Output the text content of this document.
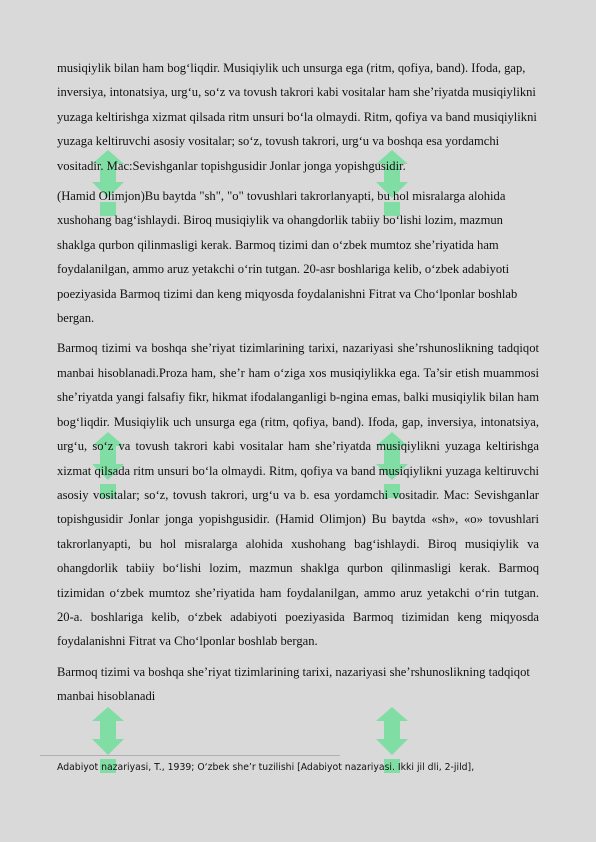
musiqiylik bilan ham bog‘liqdir. Musiqiylik uch unsurga ega (ritm, qofiya, band). Ifoda, gap, inversiya, intonatsiya, urg‘u, so‘z va tovush takrori kabi vositalar ham she’riyatda musiqiylikni yuzaga keltirishga xizmat qilsada ritm unsuri bo‘la olmaydi. Ritm, qofiya va band musiqiylikni yuzaga keltiruvchi asosiy vositalar; so‘z, tovush takrori, urg‘u va boshqa esa yordamchi vositadir. Mac:Sevishganlar topishgusidir Jonlar jonga yopishgusidir.

(Hamid Olimjon)Bu baytda "sh", "o" tovushlari takrorlanyapti, bu hol misralarga alohida xushohang bag‘ishlaydi. Biroq musiqiylik va ohangdorlik tabiiy bo‘lishi lozim, mazmun shaklga qurbon qilinmasligi kerak. Barmoq tizimi dan o‘zbek mumtoz she’riyatida ham foydalanilgan, ammo aruz yetakchi o‘rin tutgan. 20-asr boshlariga kelib, o‘zbek adabiyoti poeziyasida Barmoq tizimi dan keng miqyosda foydalanishni Fitrat va Cho‘lponlar boshlab bergan.

Barmoq tizimi va boshqa she’riyat tizimlarining tarixi, nazariyasi she’rshunoslikning tadqiqot manbai hisoblanadi.Proza ham, she’r ham o‘ziga xos musiqiylikka ega. Ta’sir etish muammosi she’riyatda yangi falsafiy fikr, hikmat ifodalanganligi b-ngina emas, balki musiqiylik bilan ham bog‘liqdir. Musiqiylik uch unsurga ega (ritm, qofiya, band). Ifoda, gap, inversiya, intonatsiya, urg‘u, so‘z va tovush takrori kabi vositalar ham she’riyatda musiqiylikni yuzaga keltirishga xizmat qilsada ritm unsuri bo‘la olmaydi. Ritm, qofiya va band musiqiylikni yuzaga keltiruvchi asosiy vositalar; so‘z, tovush takrori, urg‘u va b. esa yordamchi vositadir. Mac: Sevishganlar topishgusidir Jonlar jonga yopishgusidir. (Hamid Olimjon) Bu baytda «sh», «o» tovushlari takrorlanyapti, bu hol misralarga alohida xushohang bag‘ishlaydi. Biroq musiqiylik va ohangdorlik tabiiy bo‘lishi lozim, mazmun shaklga qurbon qilinmasligi kerak. Barmoq tizimidan o‘zbek mumtoz she’riyatida ham foydalanilgan, ammo aruz yetakchi o‘rin tutgan. 20-a. boshlariga kelib, o‘zbek adabiyoti poeziyasida Barmoq tizimidan keng miqyosda foydalanishni Fitrat va Cho‘lponlar boshlab bergan.

Barmoq tizimi va boshqa she’riyat tizimlarining tarixi, nazariyasi she’rshunoslikning tadqiqot manbai hisoblanadi

Adabiyot nazariyasi, T., 1939; O‘zbek she’r tuzilishi [Adabiyot nazariyasi. Ikki jil dli, 2-jild],
